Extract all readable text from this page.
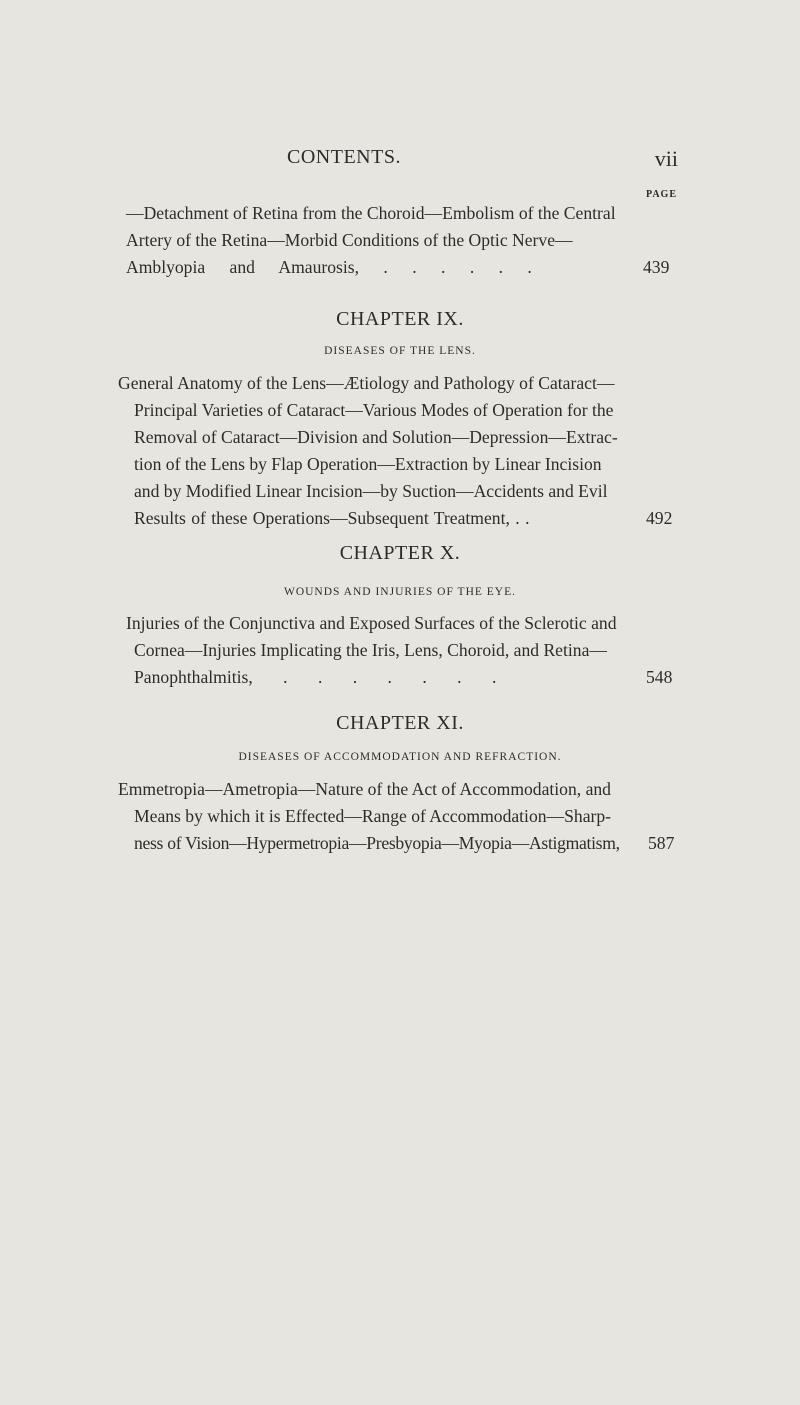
CONTENTS.	vii
PAGE
—Detachment of Retina from the Choroid—Embolism of the Central
Artery of the Retina—Morbid Conditions of the Optic Nerve—
Amblyopia and Amaurosis, . . . . . .	439
CHAPTER IX.
DISEASES OF THE LENS.
General Anatomy of the Lens—Ætiology and Pathology of Cataract—
Principal Varieties of Cataract—Various Modes of Operation for the
Removal of Cataract—Division and Solution—Depression—Extrac-
tion of the Lens by Flap Operation—Extraction by Linear Incision
and by Modified Linear Incision—by Suction—Accidents and Evil
Results of these Operations—Subsequent Treatment, . .	492
CHAPTER X.
WOUNDS AND INJURIES OF THE EYE.
Injuries of the Conjunctiva and Exposed Surfaces of the Sclerotic and
Cornea—Injuries Implicating the Iris, Lens, Choroid, and Retina—
Panophthalmitis, . . . . . . .	548
CHAPTER XI.
DISEASES OF ACCOMMODATION AND REFRACTION.
Emmetropia—Ametropia—Nature of the Act of Accommodation, and
Means by which it is Effected—Range of Accommodation—Sharp-
ness of Vision—Hypermetropia—Presbyopia—Myopia—Astigmatism, 587
